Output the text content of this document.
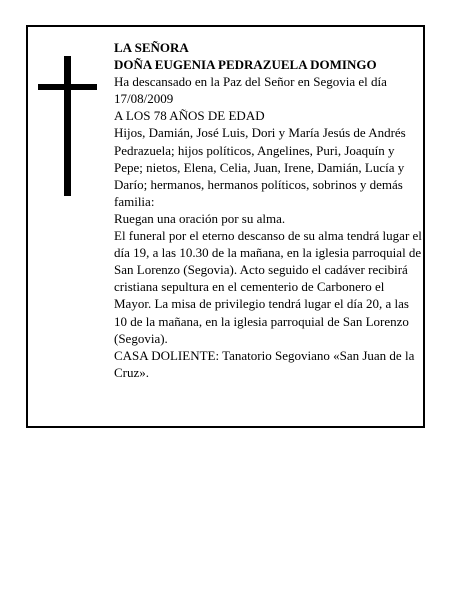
LA SEÑORA

DOÑA EUGENIA PEDRAZUELA DOMINGO

Ha descansado en la Paz del Señor en Segovia el día 17/08/2009

A LOS 78 AÑOS DE EDAD

Hijos, Damián, José Luis, Dori y María Jesús de Andrés Pedrazuela; hijos políticos, Angelines, Puri, Joaquín y Pepe; nietos, Elena, Celia, Juan, Irene, Damián, Lucía y Darío; hermanos, hermanos políticos, sobrinos y demás familia:

Ruegan una oración por su alma.

El funeral por el eterno descanso de su alma tendrá lugar el día 19, a las 10.30 de la mañana, en la iglesia parroquial de San Lorenzo (Segovia). Acto seguido el cadáver recibirá cristiana sepultura en el cementerio de Carbonero el Mayor. La misa de privilegio tendrá lugar el día 20, a las 10 de la mañana, en la iglesia parroquial de San Lorenzo (Segovia).

CASA DOLIENTE: Tanatorio Segoviano «San Juan de la Cruz».
